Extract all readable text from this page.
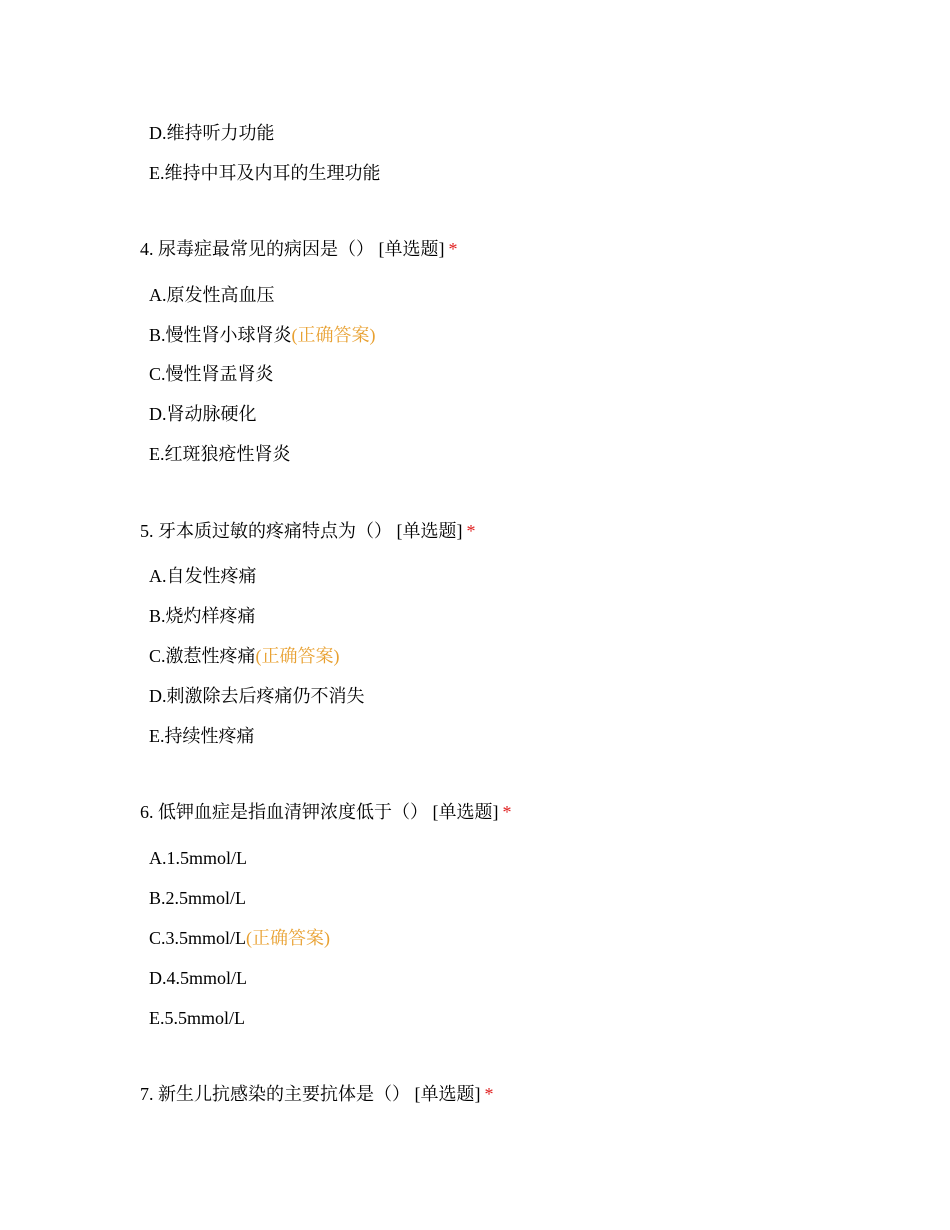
D.维持听力功能
E.维持中耳及内耳的生理功能
4. 尿毒症最常见的病因是（） [单选题] *
A.原发性高血压
B.慢性肾小球肾炎(正确答案)
C.慢性肾盂肾炎
D.肾动脉硬化
E.红斑狼疮性肾炎
5. 牙本质过敏的疼痛特点为（） [单选题] *
A.自发性疼痛
B.烧灼样疼痛
C.激惹性疼痛(正确答案)
D.刺激除去后疼痛仍不消失
E.持续性疼痛
6. 低钾血症是指血清钾浓度低于（） [单选题] *
A.1.5mmol/L
B.2.5mmol/L
C.3.5mmol/L(正确答案)
D.4.5mmol/L
E.5.5mmol/L
7. 新生儿抗感染的主要抗体是（） [单选题] *
